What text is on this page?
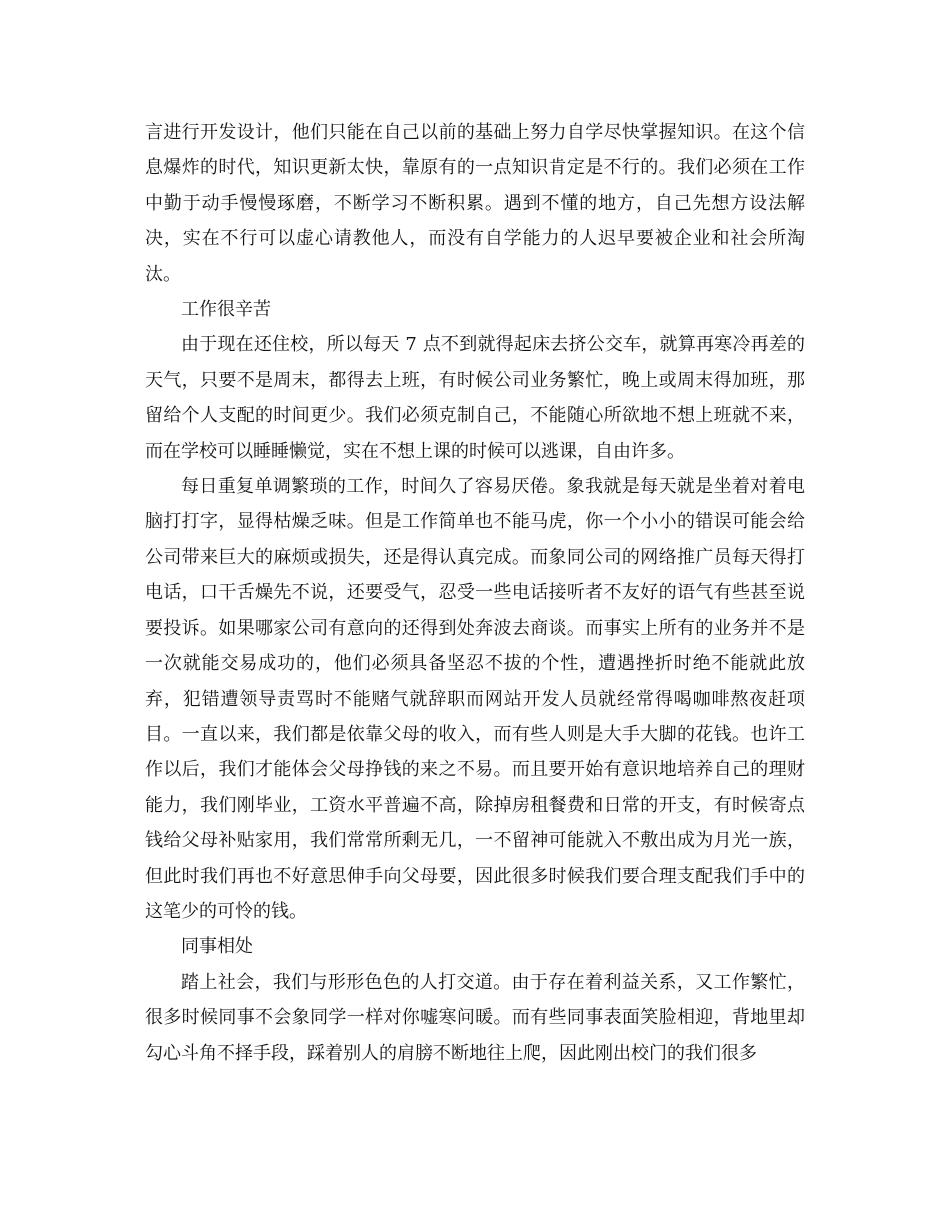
言进行开发设计，他们只能在自己以前的基础上努力自学尽快掌握知识。在这个信息爆炸的时代，知识更新太快，靠原有的一点知识肯定是不行的。我们必须在工作中勤于动手慢慢琢磨，不断学习不断积累。遇到不懂的地方，自己先想方设法解决，实在不行可以虚心请教他人，而没有自学能力的人迟早要被企业和社会所淘汰。

工作很辛苦

由于现在还住校，所以每天 7 点不到就得起床去挤公交车，就算再寒冷再差的天气，只要不是周末，都得去上班，有时候公司业务繁忙，晚上或周末得加班，那留给个人支配的时间更少。我们必须克制自己，不能随心所欲地不想上班就不来，而在学校可以睡睡懒觉，实在不想上课的时候可以逃课，自由许多。

每日重复单调繁琐的工作，时间久了容易厌倦。象我就是每天就是坐着对着电脑打打字，显得枯燥乏味。但是工作简单也不能马虎，你一个小小的错误可能会给公司带来巨大的麻烦或损失，还是得认真完成。而象同公司的网络推广员每天得打电话，口干舌燥先不说，还要受气，忍受一些电话接听者不友好的语气有些甚至说要投诉。如果哪家公司有意向的还得到处奔波去商谈。而事实上所有的业务并不是一次就能交易成功的，他们必须具备坚忍不拔的个性，遭遇挫折时绝不能就此放弃，犯错遭领导责骂时不能赌气就辞职而网站开发人员就经常得喝咖啡熬夜赶项目。一直以来，我们都是依靠父母的收入，而有些人则是大手大脚的花钱。也许工作以后，我们才能体会父母挣钱的来之不易。而且要开始有意识地培养自己的理财能力，我们刚毕业，工资水平普遍不高，除掉房租餐费和日常的开支，有时候寄点钱给父母补贴家用，我们常常所剩无几，一不留神可能就入不敷出成为月光一族，但此时我们再也不好意思伸手向父母要，因此很多时候我们要合理支配我们手中的这笔少的可怜的钱。

同事相处

踏上社会，我们与形形色色的人打交道。由于存在着利益关系，又工作繁忙，很多时候同事不会象同学一样对你嘘寒问暖。而有些同事表面笑脸相迎，背地里却勾心斗角不择手段，踩着别人的肩膀不断地往上爬，因此刚出校门的我们很多
